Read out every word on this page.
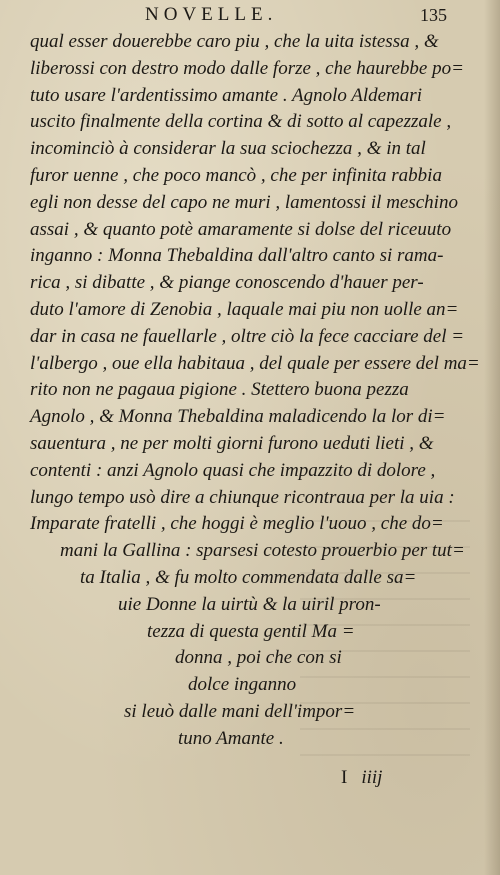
NOVELLE.	135
qual esser douerebbe caro piu , che la uita istessa , &
liberossi con destro modo dalle forze , che haurebbe po=
tuto usare l'ardentissimo amante . Agnolo Aldemari
uscito finalmente della cortina & di sotto al capezzale ,
incominciò à considerar la sua sciochezza , & in tal
furor uenne , che poco mancò , che per infinita rabbia
egli non desse del capo ne muri , lamentossi il meschino
assai , & quanto potè amaramente si dolse del riceuuto
inganno : Monna Thebaldina dall'altro canto si rama-
rica , si dibatte , & piange conoscendo d'hauer per-
duto l'amore di Zenobia , laquale mai piu non uolle an=
dar in casa ne fauellarle , oltre ciò la fece cacciare del =
l'albergo , oue ella habitaua , del quale per essere del ma=
rito non ne pagaua pigione . Stettero buona pezza
Agnolo , & Monna Thebaldina maladicendo la lor di=
sauentura , ne per molti giorni furono ueduti lieti , &
contenti : anzi Agnolo quasi che impazzito di dolore ,
lungo tempo usò dire a chiunque ricontraua per la uia :
Imparate fratelli , che hoggi è meglio l'uouo , che do=
mani la Gallina : sparsesi cotesto prouerbio per tut=
ta Italia , & fu molto commendata dalle sa=
uie Donne la uirtù & la uiril pron-
tezza di questa gentil Ma =
donna , poi che con si
dolce inganno
si leuò dalle mani dell'impor=
tuno Amante .
I iiij
